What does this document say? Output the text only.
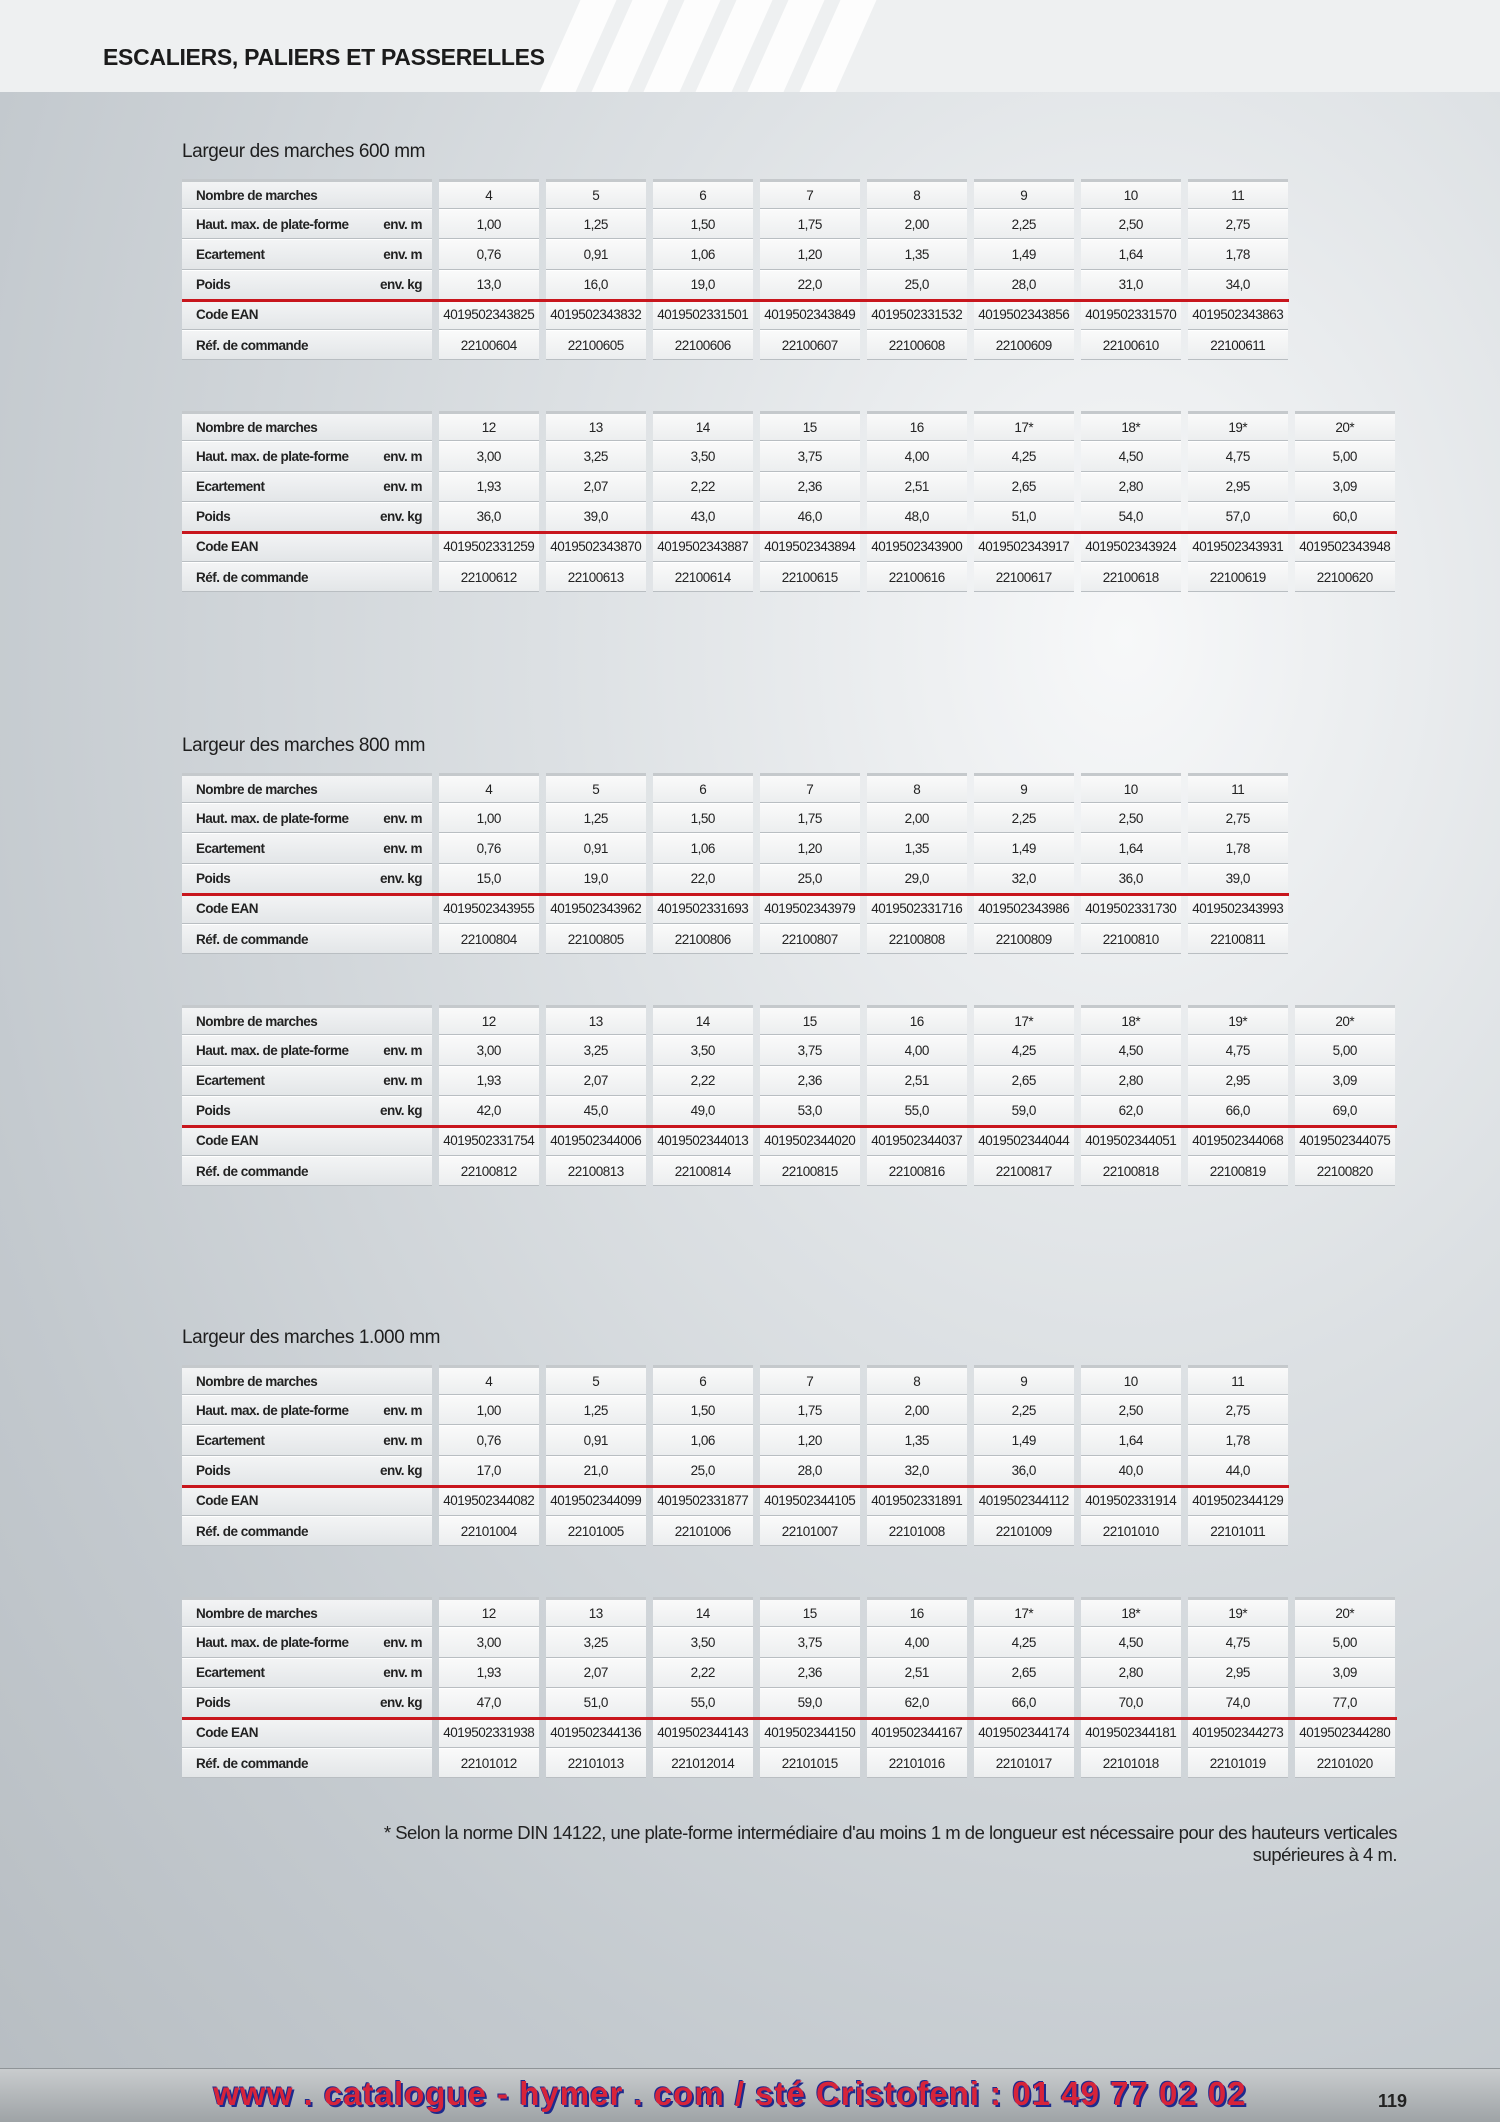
ESCALIERS, PALIERS ET PASSERELLES
Largeur des marches 600 mm
Nombre de marches	4	5	6	7	8	9	10	11
Haut. max. de plate-forme	env. m	1,00	1,25	1,50	1,75	2,00	2,25	2,50	2,75
Ecartement	env. m	0,76	0,91	1,06	1,20	1,35	1,49	1,64	1,78
Poids	env. kg	13,0	16,0	19,0	22,0	25,0	28,0	31,0	34,0
Code EAN	4019502343825	4019502343832	4019502331501	4019502343849	4019502331532	4019502343856	4019502331570	4019502343863
Réf. de commande	22100604	22100605	22100606	22100607	22100608	22100609	22100610	22100611
Nombre de marches	12	13	14	15	16	17*	18*	19*	20*
Haut. max. de plate-forme	env. m	3,00	3,25	3,50	3,75	4,00	4,25	4,50	4,75	5,00
Ecartement	env. m	1,93	2,07	2,22	2,36	2,51	2,65	2,80	2,95	3,09
Poids	env. kg	36,0	39,0	43,0	46,0	48,0	51,0	54,0	57,0	60,0
Code EAN	4019502331259	4019502343870	4019502343887	4019502343894	4019502343900	4019502343917	4019502343924	4019502343931	4019502343948
Réf. de commande	22100612	22100613	22100614	22100615	22100616	22100617	22100618	22100619	22100620
Largeur des marches 800 mm
Nombre de marches	4	5	6	7	8	9	10	11
Haut. max. de plate-forme	env. m	1,00	1,25	1,50	1,75	2,00	2,25	2,50	2,75
Ecartement	env. m	0,76	0,91	1,06	1,20	1,35	1,49	1,64	1,78
Poids	env. kg	15,0	19,0	22,0	25,0	29,0	32,0	36,0	39,0
Code EAN	4019502343955	4019502343962	4019502331693	4019502343979	4019502331716	4019502343986	4019502331730	4019502343993
Réf. de commande	22100804	22100805	22100806	22100807	22100808	22100809	22100810	22100811
Nombre de marches	12	13	14	15	16	17*	18*	19*	20*
Haut. max. de plate-forme	env. m	3,00	3,25	3,50	3,75	4,00	4,25	4,50	4,75	5,00
Ecartement	env. m	1,93	2,07	2,22	2,36	2,51	2,65	2,80	2,95	3,09
Poids	env. kg	42,0	45,0	49,0	53,0	55,0	59,0	62,0	66,0	69,0
Code EAN	4019502331754	4019502344006	4019502344013	4019502344020	4019502344037	4019502344044	4019502344051	4019502344068	4019502344075
Réf. de commande	22100812	22100813	22100814	22100815	22100816	22100817	22100818	22100819	22100820
Largeur des marches 1.000 mm
Nombre de marches	4	5	6	7	8	9	10	11
Haut. max. de plate-forme	env. m	1,00	1,25	1,50	1,75	2,00	2,25	2,50	2,75
Ecartement	env. m	0,76	0,91	1,06	1,20	1,35	1,49	1,64	1,78
Poids	env. kg	17,0	21,0	25,0	28,0	32,0	36,0	40,0	44,0
Code EAN	4019502344082	4019502344099	4019502331877	4019502344105	4019502331891	4019502344112	4019502331914	4019502344129
Réf. de commande	22101004	22101005	22101006	22101007	22101008	22101009	22101010	22101011
Nombre de marches	12	13	14	15	16	17*	18*	19*	20*
Haut. max. de plate-forme	env. m	3,00	3,25	3,50	3,75	4,00	4,25	4,50	4,75	5,00
Ecartement	env. m	1,93	2,07	2,22	2,36	2,51	2,65	2,80	2,95	3,09
Poids	env. kg	47,0	51,0	55,0	59,0	62,0	66,0	70,0	74,0	77,0
Code EAN	4019502331938	4019502344136	4019502344143	4019502344150	4019502344167	4019502344174	4019502344181	4019502344273	4019502344280
Réf. de commande	22101012	22101013	221012014	22101015	22101016	22101017	22101018	22101019	22101020
* Selon la norme DIN 14122, une plate-forme intermédiaire d'au moins 1 m de longueur est nécessaire pour des hauteurs verticales supérieures à 4 m.
www . catalogue - hymer . com / sté Cristofeni : 01 49 77 02 02	119
